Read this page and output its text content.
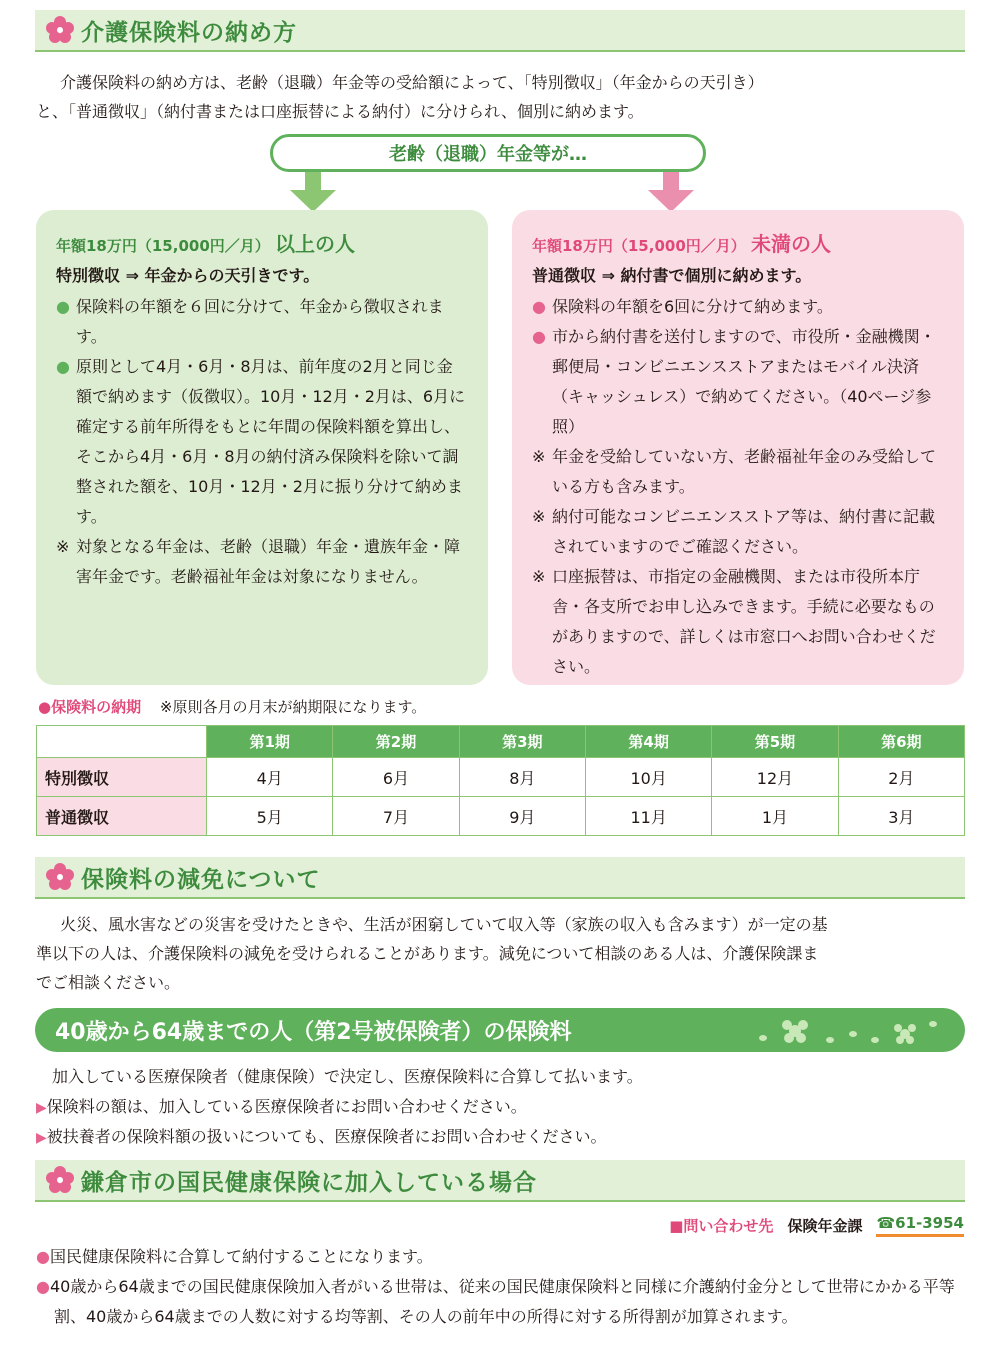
介護保険料の納め方
介護保険料の納め方は、老齢（退職）年金等の受給額によって、「特別徴収」（年金からの天引き）
と、「普通徴収」（納付書または口座振替による納付）に分けられ、個別に納めます。
老齢（退職）年金等が…
年額18万円（15,000円／月） 以上の人
特別徴収 ⇒ 年金からの天引きです。
● 保険料の年額を６回に分けて、年金から徴収されます。
● 原則として4月・6月・8月は、前年度の2月と同じ金額で納めます（仮徴収）。10月・12月・2月は、6月に確定する前年所得をもとに年間の保険料額を算出し、そこから4月・6月・8月の納付済み保険料を除いて調整された額を、10月・12月・2月に振り分けて納めます。
※ 対象となる年金は、老齢（退職）年金・遺族年金・障害年金です。老齢福祉年金は対象になりません。
年額18万円（15,000円／月） 未満の人
普通徴収 ⇒ 納付書で個別に納めます。
● 保険料の年額を6回に分けて納めます。
● 市から納付書を送付しますので、市役所・金融機関・郵便局・コンビニエンスストアまたはモバイル決済（キャッシュレス）で納めてください。（40ページ参照）
※ 年金を受給していない方、老齢福祉年金のみ受給している方も含みます。
※ 納付可能なコンビニエンスストア等は、納付書に記載されていますのでご確認ください。
※ 口座振替は、市指定の金融機関、または市役所本庁舎・各支所でお申し込みできます。手続に必要なものがありますので、詳しくは市窓口へお問い合わせください。
●保険料の納期 ※原則各月の月末が納期限になります。
	第1期	第2期	第3期	第4期	第5期	第6期
特別徴収	4月	6月	8月	10月	12月	2月
普通徴収	5月	7月	9月	11月	1月	3月
保険料の減免について
火災、風水害などの災害を受けたときや、生活が困窮していて収入等（家族の収入も含みます）が一定の基
準以下の人は、介護保険料の減免を受けられることがあります。減免について相談のある人は、介護保険課ま
でご相談ください。
40歳から64歳までの人（第2号被保険者）の保険料
加入している医療保険者（健康保険）で決定し、医療保険料に合算して払います。
▶保険料の額は、加入している医療保険者にお問い合わせください。
▶被扶養者の保険料額の扱いについても、医療保険者にお問い合わせください。
鎌倉市の国民健康保険に加入している場合
■問い合わせ先 保険年金課 ☎61-3954
●国民健康保険料に合算して納付することになります。
●40歳から64歳までの国民健康保険加入者がいる世帯は、従来の国民健康保険料と同様に介護納付金分として世帯にかかる平等割、40歳から64歳までの人数に対する均等割、その人の前年中の所得に対する所得割が加算されます。
